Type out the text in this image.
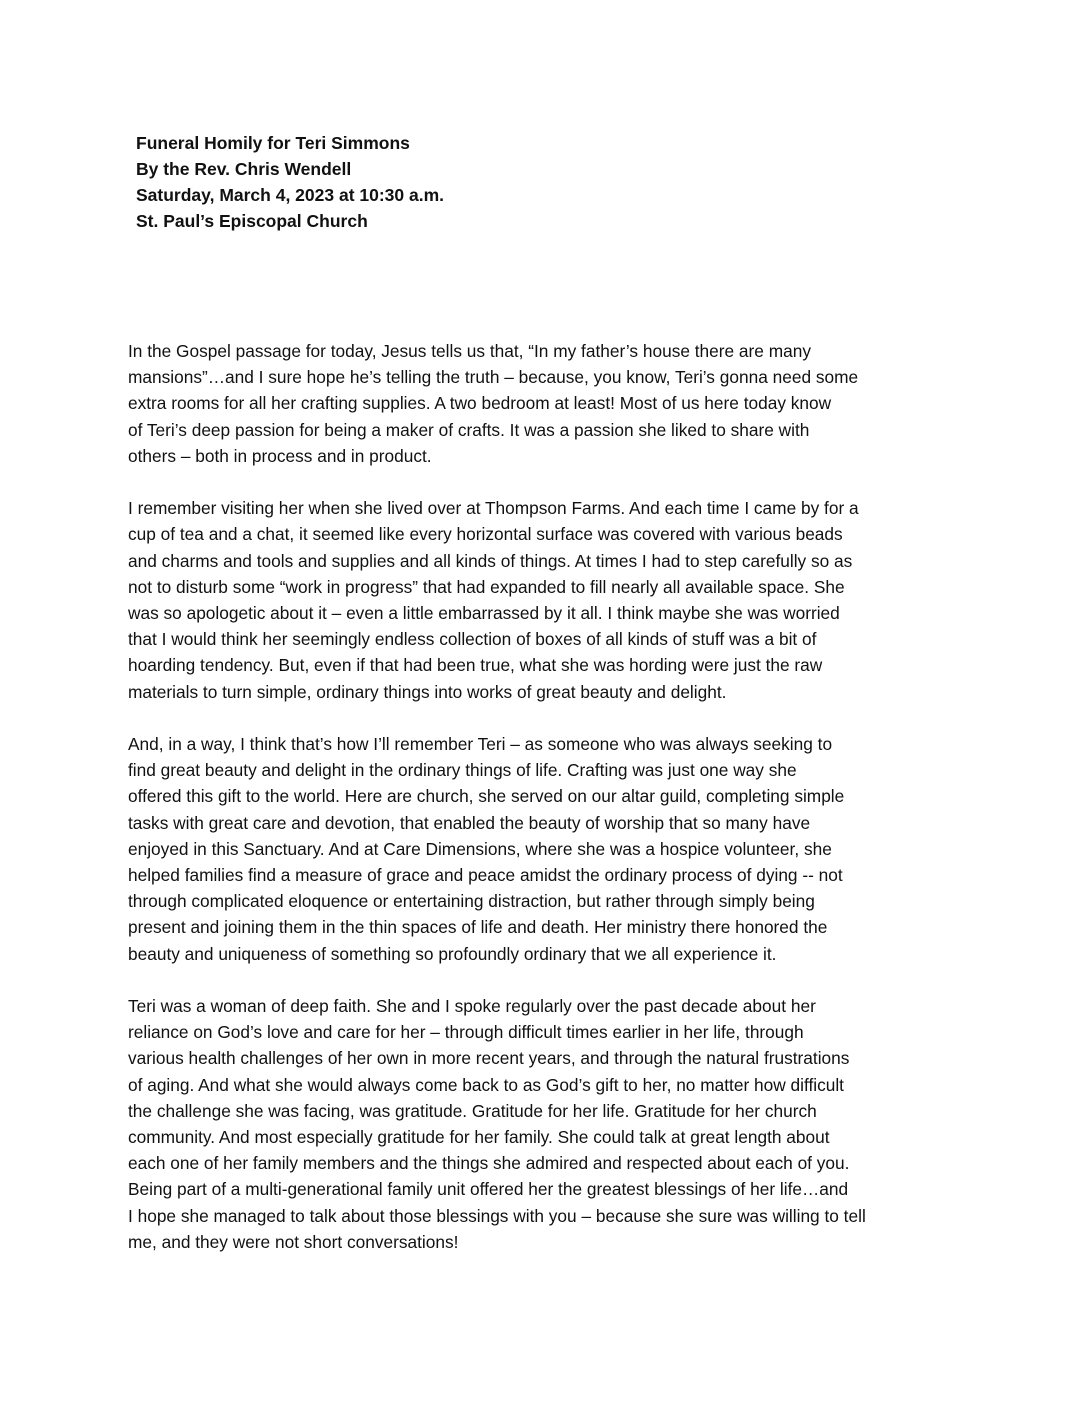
Funeral Homily for Teri Simmons
By the Rev. Chris Wendell
Saturday, March 4, 2023 at 10:30 a.m.
St. Paul’s Episcopal Church

In the Gospel passage for today, Jesus tells us that, “In my father’s house there are many
mansions”…and I sure hope he’s telling the truth – because, you know, Teri’s gonna need some
extra rooms for all her crafting supplies. A two bedroom at least! Most of us here today know
of Teri’s deep passion for being a maker of crafts. It was a passion she liked to share with
others – both in process and in product.

I remember visiting her when she lived over at Thompson Farms. And each time I came by for a
cup of tea and a chat, it seemed like every horizontal surface was covered with various beads
and charms and tools and supplies and all kinds of things. At times I had to step carefully so as
not to disturb some “work in progress” that had expanded to fill nearly all available space. She
was so apologetic about it – even a little embarrassed by it all. I think maybe she was worried
that I would think her seemingly endless collection of boxes of all kinds of stuff was a bit of
hoarding tendency. But, even if that had been true, what she was hording were just the raw
materials to turn simple, ordinary things into works of great beauty and delight.

And, in a way, I think that’s how I’ll remember Teri – as someone who was always seeking to
find great beauty and delight in the ordinary things of life. Crafting was just one way she
offered this gift to the world. Here are church, she served on our altar guild, completing simple
tasks with great care and devotion, that enabled the beauty of worship that so many have
enjoyed in this Sanctuary. And at Care Dimensions, where she was a hospice volunteer, she
helped families find a measure of grace and peace amidst the ordinary process of dying -- not
through complicated eloquence or entertaining distraction, but rather through simply being
present and joining them in the thin spaces of life and death. Her ministry there honored the
beauty and uniqueness of something so profoundly ordinary that we all experience it.

Teri was a woman of deep faith. She and I spoke regularly over the past decade about her
reliance on God’s love and care for her – through difficult times earlier in her life, through
various health challenges of her own in more recent years, and through the natural frustrations
of aging. And what she would always come back to as God’s gift to her, no matter how difficult
the challenge she was facing, was gratitude. Gratitude for her life. Gratitude for her church
community. And most especially gratitude for her family. She could talk at great length about
each one of her family members and the things she admired and respected about each of you.
Being part of a multi-generational family unit offered her the greatest blessings of her life…and
I hope she managed to talk about those blessings with you – because she sure was willing to tell
me, and they were not short conversations!
